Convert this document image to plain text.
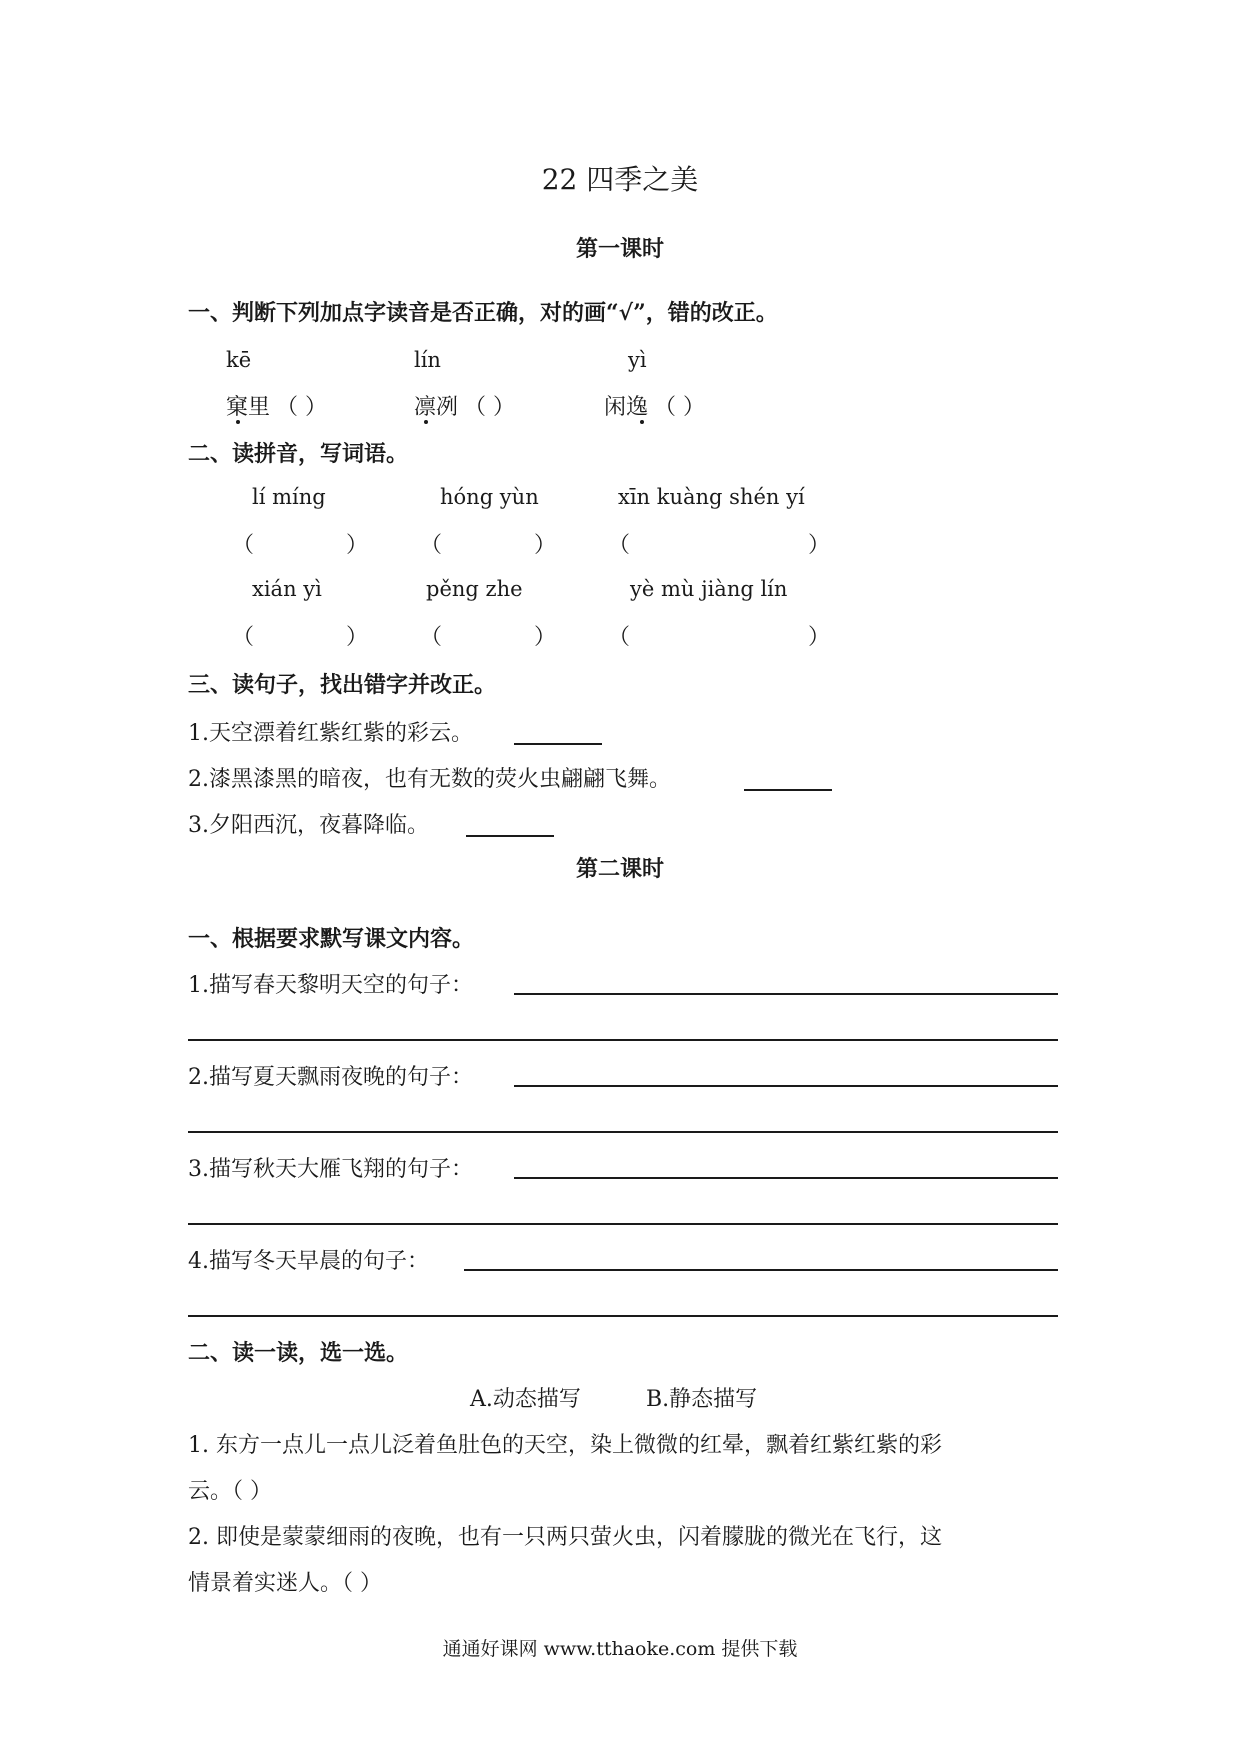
22 四季之美
第一课时
一、判断下列加点字读音是否正确，对的画“√”，错的改正。
kē	lín	yì
窠里 （ ）	凛冽 （ ）	闲逸 （ ）
二、读拼音，写词语。
lí míng	hóng yùn	xīn kuàng shén yí
（	） （	） （	）
xián yì	pěng zhe	yè mù jiàng lín
（	） （	） （	）
三、读句子，找出错字并改正。
1.天空漂着红紫红紫的彩云。
2.漆黑漆黑的暗夜，也有无数的荧火虫翩翩飞舞。
3.夕阳西沉，夜暮降临。
第二课时
一、根据要求默写课文内容。
1.描写春天黎明天空的句子：
2.描写夏天飘雨夜晚的句子：
3.描写秋天大雁飞翔的句子：
4.描写冬天早晨的句子：
二、读一读，选一选。
A.动态描写	B.静态描写
1. 东方一点儿一点儿泛着鱼肚色的天空，染上微微的红晕，飘着红紫红紫的彩
云。（ ）
2. 即使是蒙蒙细雨的夜晚，也有一只两只萤火虫，闪着朦胧的微光在飞行，这
情景着实迷人。（ ）
通通好课网 www.tthaoke.com 提供下载
